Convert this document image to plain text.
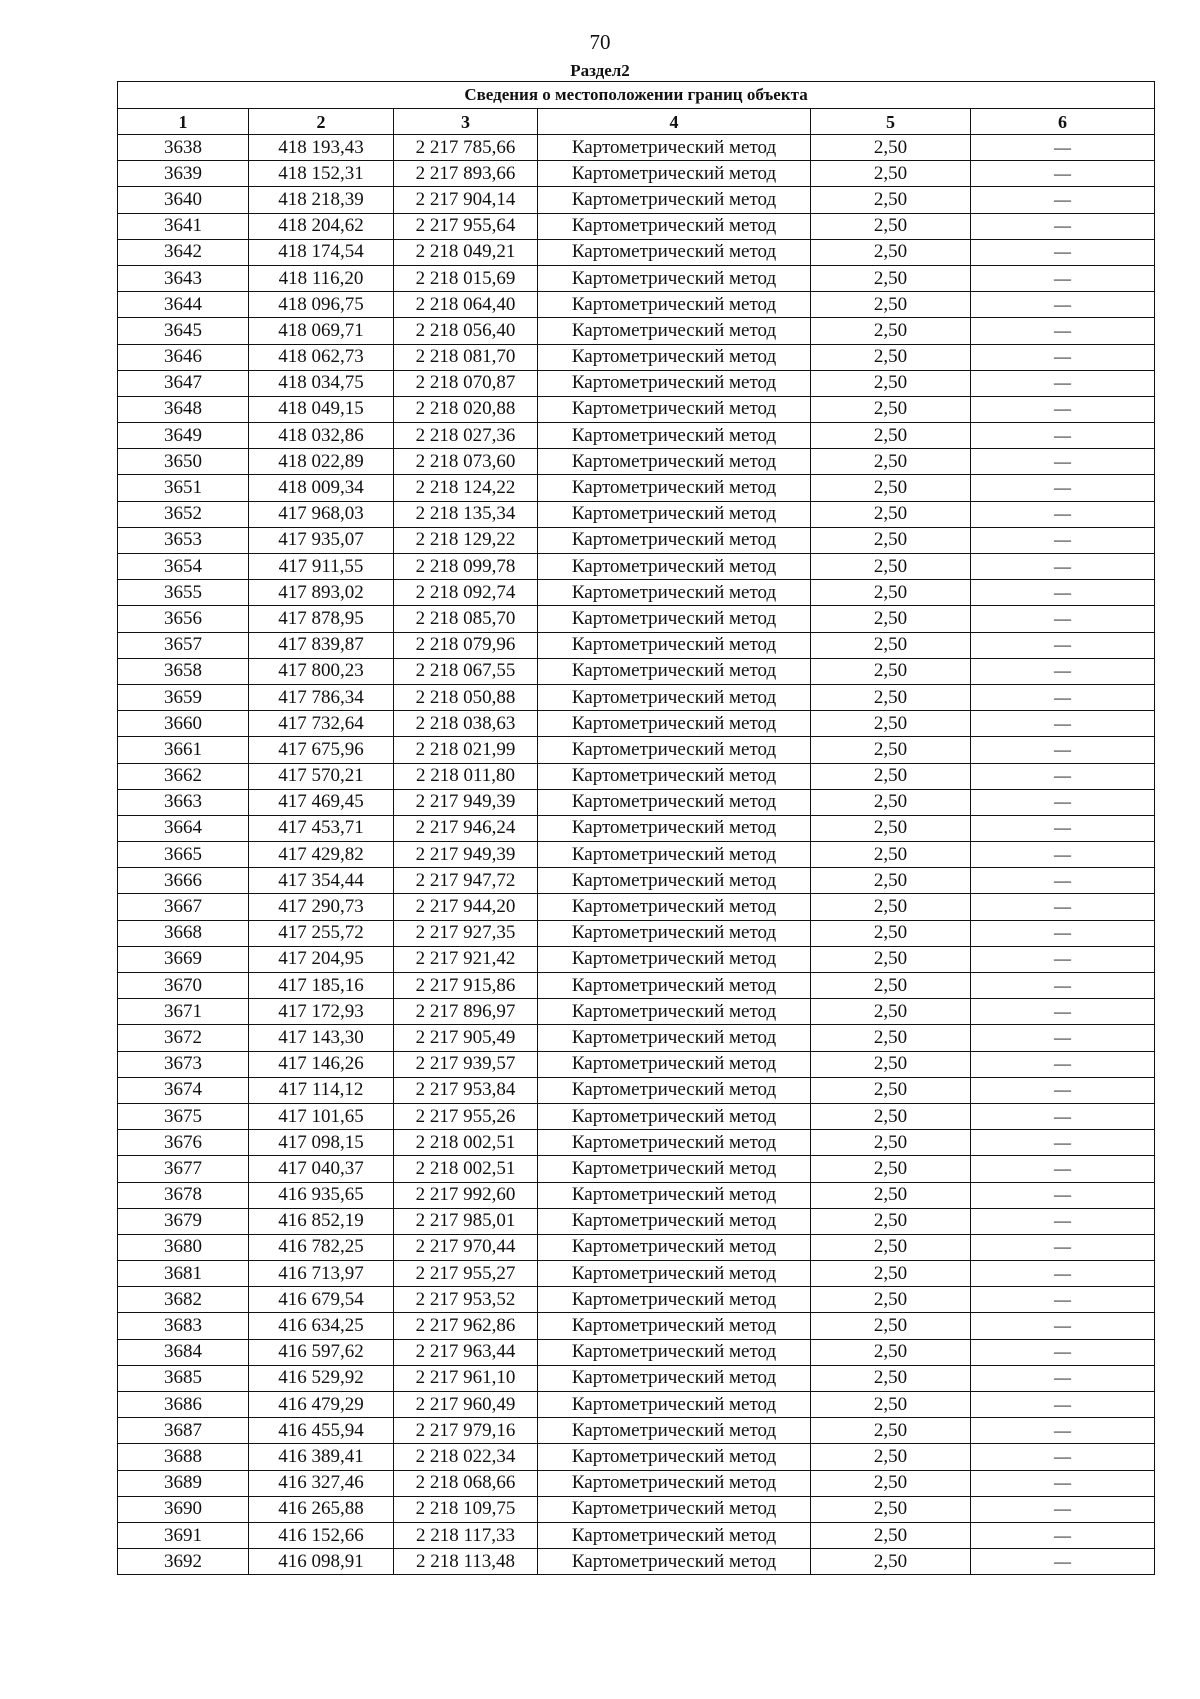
70
Раздел2
Сведения о местоположении границ объекта					
1	2	3	4	5	6
3638	418 193,43	2 217 785,66	Картометрический метод	2,50	—
3639	418 152,31	2 217 893,66	Картометрический метод	2,50	—
3640	418 218,39	2 217 904,14	Картометрический метод	2,50	—
3641	418 204,62	2 217 955,64	Картометрический метод	2,50	—
3642	418 174,54	2 218 049,21	Картометрический метод	2,50	—
3643	418 116,20	2 218 015,69	Картометрический метод	2,50	—
3644	418 096,75	2 218 064,40	Картометрический метод	2,50	—
3645	418 069,71	2 218 056,40	Картометрический метод	2,50	—
3646	418 062,73	2 218 081,70	Картометрический метод	2,50	—
3647	418 034,75	2 218 070,87	Картометрический метод	2,50	—
3648	418 049,15	2 218 020,88	Картометрический метод	2,50	—
3649	418 032,86	2 218 027,36	Картометрический метод	2,50	—
3650	418 022,89	2 218 073,60	Картометрический метод	2,50	—
3651	418 009,34	2 218 124,22	Картометрический метод	2,50	—
3652	417 968,03	2 218 135,34	Картометрический метод	2,50	—
3653	417 935,07	2 218 129,22	Картометрический метод	2,50	—
3654	417 911,55	2 218 099,78	Картометрический метод	2,50	—
3655	417 893,02	2 218 092,74	Картометрический метод	2,50	—
3656	417 878,95	2 218 085,70	Картометрический метод	2,50	—
3657	417 839,87	2 218 079,96	Картометрический метод	2,50	—
3658	417 800,23	2 218 067,55	Картометрический метод	2,50	—
3659	417 786,34	2 218 050,88	Картометрический метод	2,50	—
3660	417 732,64	2 218 038,63	Картометрический метод	2,50	—
3661	417 675,96	2 218 021,99	Картометрический метод	2,50	—
3662	417 570,21	2 218 011,80	Картометрический метод	2,50	—
3663	417 469,45	2 217 949,39	Картометрический метод	2,50	—
3664	417 453,71	2 217 946,24	Картометрический метод	2,50	—
3665	417 429,82	2 217 949,39	Картометрический метод	2,50	—
3666	417 354,44	2 217 947,72	Картометрический метод	2,50	—
3667	417 290,73	2 217 944,20	Картометрический метод	2,50	—
3668	417 255,72	2 217 927,35	Картометрический метод	2,50	—
3669	417 204,95	2 217 921,42	Картометрический метод	2,50	—
3670	417 185,16	2 217 915,86	Картометрический метод	2,50	—
3671	417 172,93	2 217 896,97	Картометрический метод	2,50	—
3672	417 143,30	2 217 905,49	Картометрический метод	2,50	—
3673	417 146,26	2 217 939,57	Картометрический метод	2,50	—
3674	417 114,12	2 217 953,84	Картометрический метод	2,50	—
3675	417 101,65	2 217 955,26	Картометрический метод	2,50	—
3676	417 098,15	2 218 002,51	Картометрический метод	2,50	—
3677	417 040,37	2 218 002,51	Картометрический метод	2,50	—
3678	416 935,65	2 217 992,60	Картометрический метод	2,50	—
3679	416 852,19	2 217 985,01	Картометрический метод	2,50	—
3680	416 782,25	2 217 970,44	Картометрический метод	2,50	—
3681	416 713,97	2 217 955,27	Картометрический метод	2,50	—
3682	416 679,54	2 217 953,52	Картометрический метод	2,50	—
3683	416 634,25	2 217 962,86	Картометрический метод	2,50	—
3684	416 597,62	2 217 963,44	Картометрический метод	2,50	—
3685	416 529,92	2 217 961,10	Картометрический метод	2,50	—
3686	416 479,29	2 217 960,49	Картометрический метод	2,50	—
3687	416 455,94	2 217 979,16	Картометрический метод	2,50	—
3688	416 389,41	2 218 022,34	Картометрический метод	2,50	—
3689	416 327,46	2 218 068,66	Картометрический метод	2,50	—
3690	416 265,88	2 218 109,75	Картометрический метод	2,50	—
3691	416 152,66	2 218 117,33	Картометрический метод	2,50	—
3692	416 098,91	2 218 113,48	Картометрический метод	2,50	—
